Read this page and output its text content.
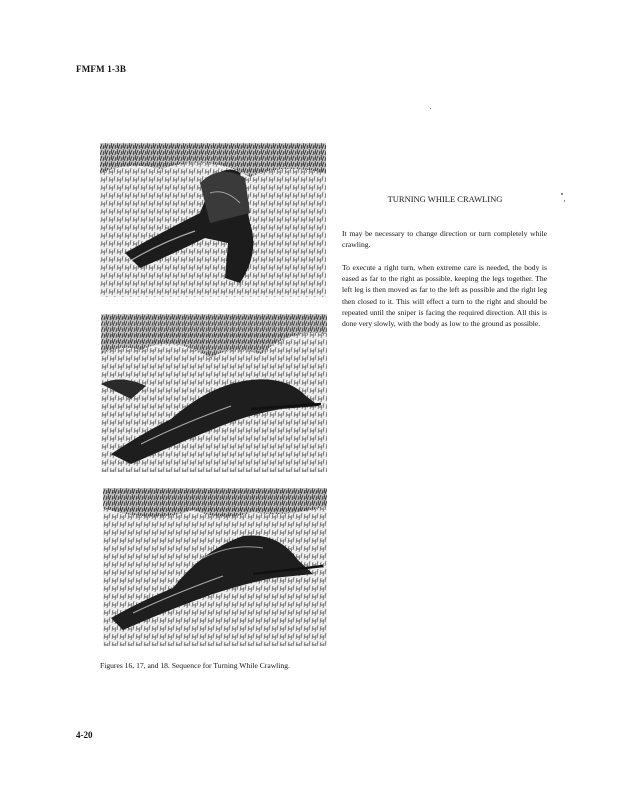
FMFM 1-3B
Figures 16, 17, and 18. Sequence for Turning While Crawling.
TURNING WHILE CRAWLING

It may be necessary to change direction or turn completely while crawling.

To execute a right turn, when extreme care is needed, the body is eased as far to the right as possible, keeping the legs together. The left leg is then moved as far to the left as possible and the right leg then closed to it. This will effect a turn to the right and should be repeated until the sniper is facing the required direction. All this is done very slowly, with the body as low to the ground as possible.

4-20
